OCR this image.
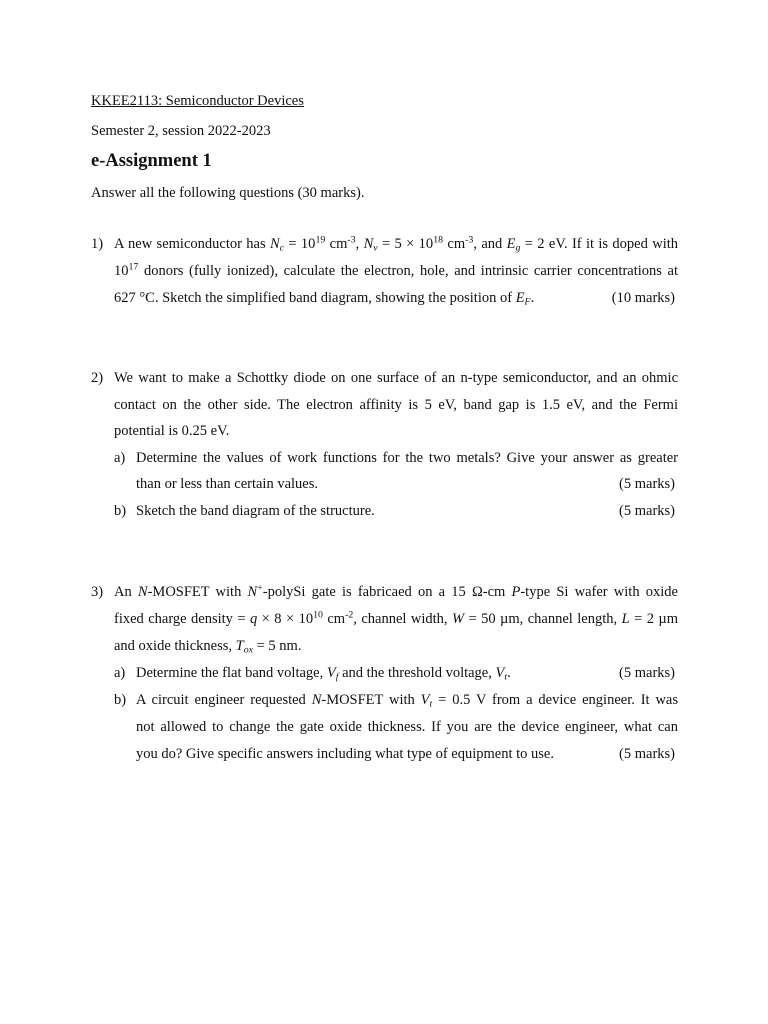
KKEE2113: Semiconductor Devices
Semester 2, session 2022-2023
e-Assignment 1
Answer all the following questions (30 marks).
1) A new semiconductor has $N_c = 10^{19}$ $cm^{-3}$, $N_v = 5 \times 10^{18}$ $cm^{-3}$, and $E_g = 2$ eV. If it is doped with
$10^{17}$ donors (fully ionized), calculate the electron, hole, and intrinsic carrier concentrations at
627 °C. Sketch the simplified band diagram, showing the position of $E_F$.	(10 marks)
2) We want to make a Schottky diode on one surface of an n-type semiconductor, and an ohmic
contact on the other side. The electron affinity is 5 eV, band gap is 1.5 eV, and the Fermi
potential is 0.25 eV.
a) Determine the values of work functions for the two metals? Give your answer as greater
than or less than certain values.	(5 marks)
b) Sketch the band diagram of the structure.	(5 marks)
3) An N-MOSFET with N+-polySi gate is fabricaed on a 15 Ω-cm P-type Si wafer with oxide
fixed charge density = $q \times 8 \times 10^{10}$ $cm^{-2}$, channel width, W = 50 µm, channel length, L = 2 µm
and oxide thickness, $T_{ox} = 5$ nm.
a) Determine the flat band voltage, $V_f$ and the threshold voltage, $V_t$.	(5 marks)
b) A circuit engineer requested N-MOSFET with $V_t = 0.5$ V from a device engineer. It was
not allowed to change the gate oxide thickness. If you are the device engineer, what can
you do? Give specific answers including what type of equipment to use.	(5 marks)
